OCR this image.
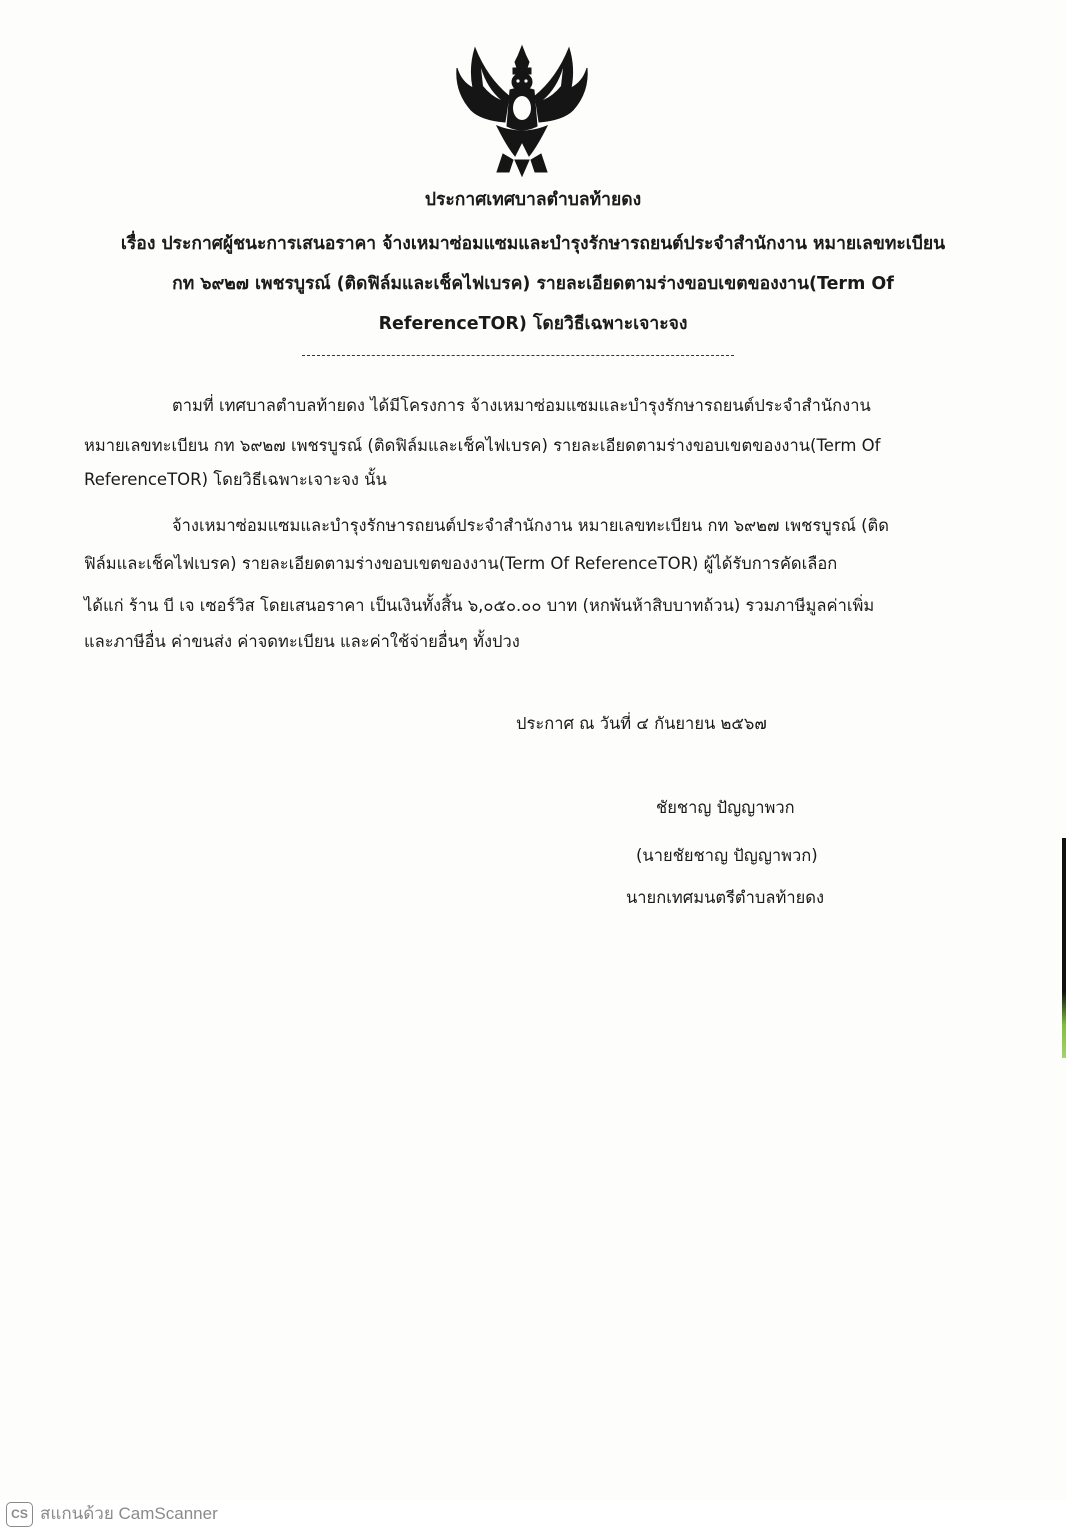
ประกาศเทศบาลตำบลท้ายดง
เรื่อง ประกาศผู้ชนะการเสนอราคา จ้างเหมาซ่อมแซมและบำรุงรักษารถยนต์ประจำสำนักงาน หมายเลขทะเบียน
กท ๖๙๒๗ เพชรบูรณ์ (ติดฟิล์มและเช็คไฟเบรค) รายละเอียดตามร่างขอบเขตของงาน(Term Of
ReferenceTOR) โดยวิธีเฉพาะเจาะจง
ตามที่ เทศบาลตำบลท้ายดง ได้มีโครงการ จ้างเหมาซ่อมแซมและบำรุงรักษารถยนต์ประจำสำนักงาน
หมายเลขทะเบียน กท ๖๙๒๗ เพชรบูรณ์ (ติดฟิล์มและเช็คไฟเบรค) รายละเอียดตามร่างขอบเขตของงาน(Term Of
ReferenceTOR) โดยวิธีเฉพาะเจาะจง นั้น
จ้างเหมาซ่อมแซมและบำรุงรักษารถยนต์ประจำสำนักงาน หมายเลขทะเบียน กท ๖๙๒๗ เพชรบูรณ์ (ติด
ฟิล์มและเช็คไฟเบรค) รายละเอียดตามร่างขอบเขตของงาน(Term Of ReferenceTOR) ผู้ได้รับการคัดเลือก
ได้แก่ ร้าน บี เจ เซอร์วิส โดยเสนอราคา เป็นเงินทั้งสิ้น ๖,๐๕๐.๐๐ บาท (หกพันห้าสิบบาทถ้วน) รวมภาษีมูลค่าเพิ่ม
และภาษีอื่น ค่าขนส่ง ค่าจดทะเบียน และค่าใช้จ่ายอื่นๆ ทั้งปวง
ประกาศ ณ วันที่ ๔ กันยายน ๒๕๖๗
ชัยชาญ ปัญญาพวก
(นายชัยชาญ ปัญญาพวก)
นายกเทศมนตรีตำบลท้ายดง
CS สแกนด้วย CamScanner
